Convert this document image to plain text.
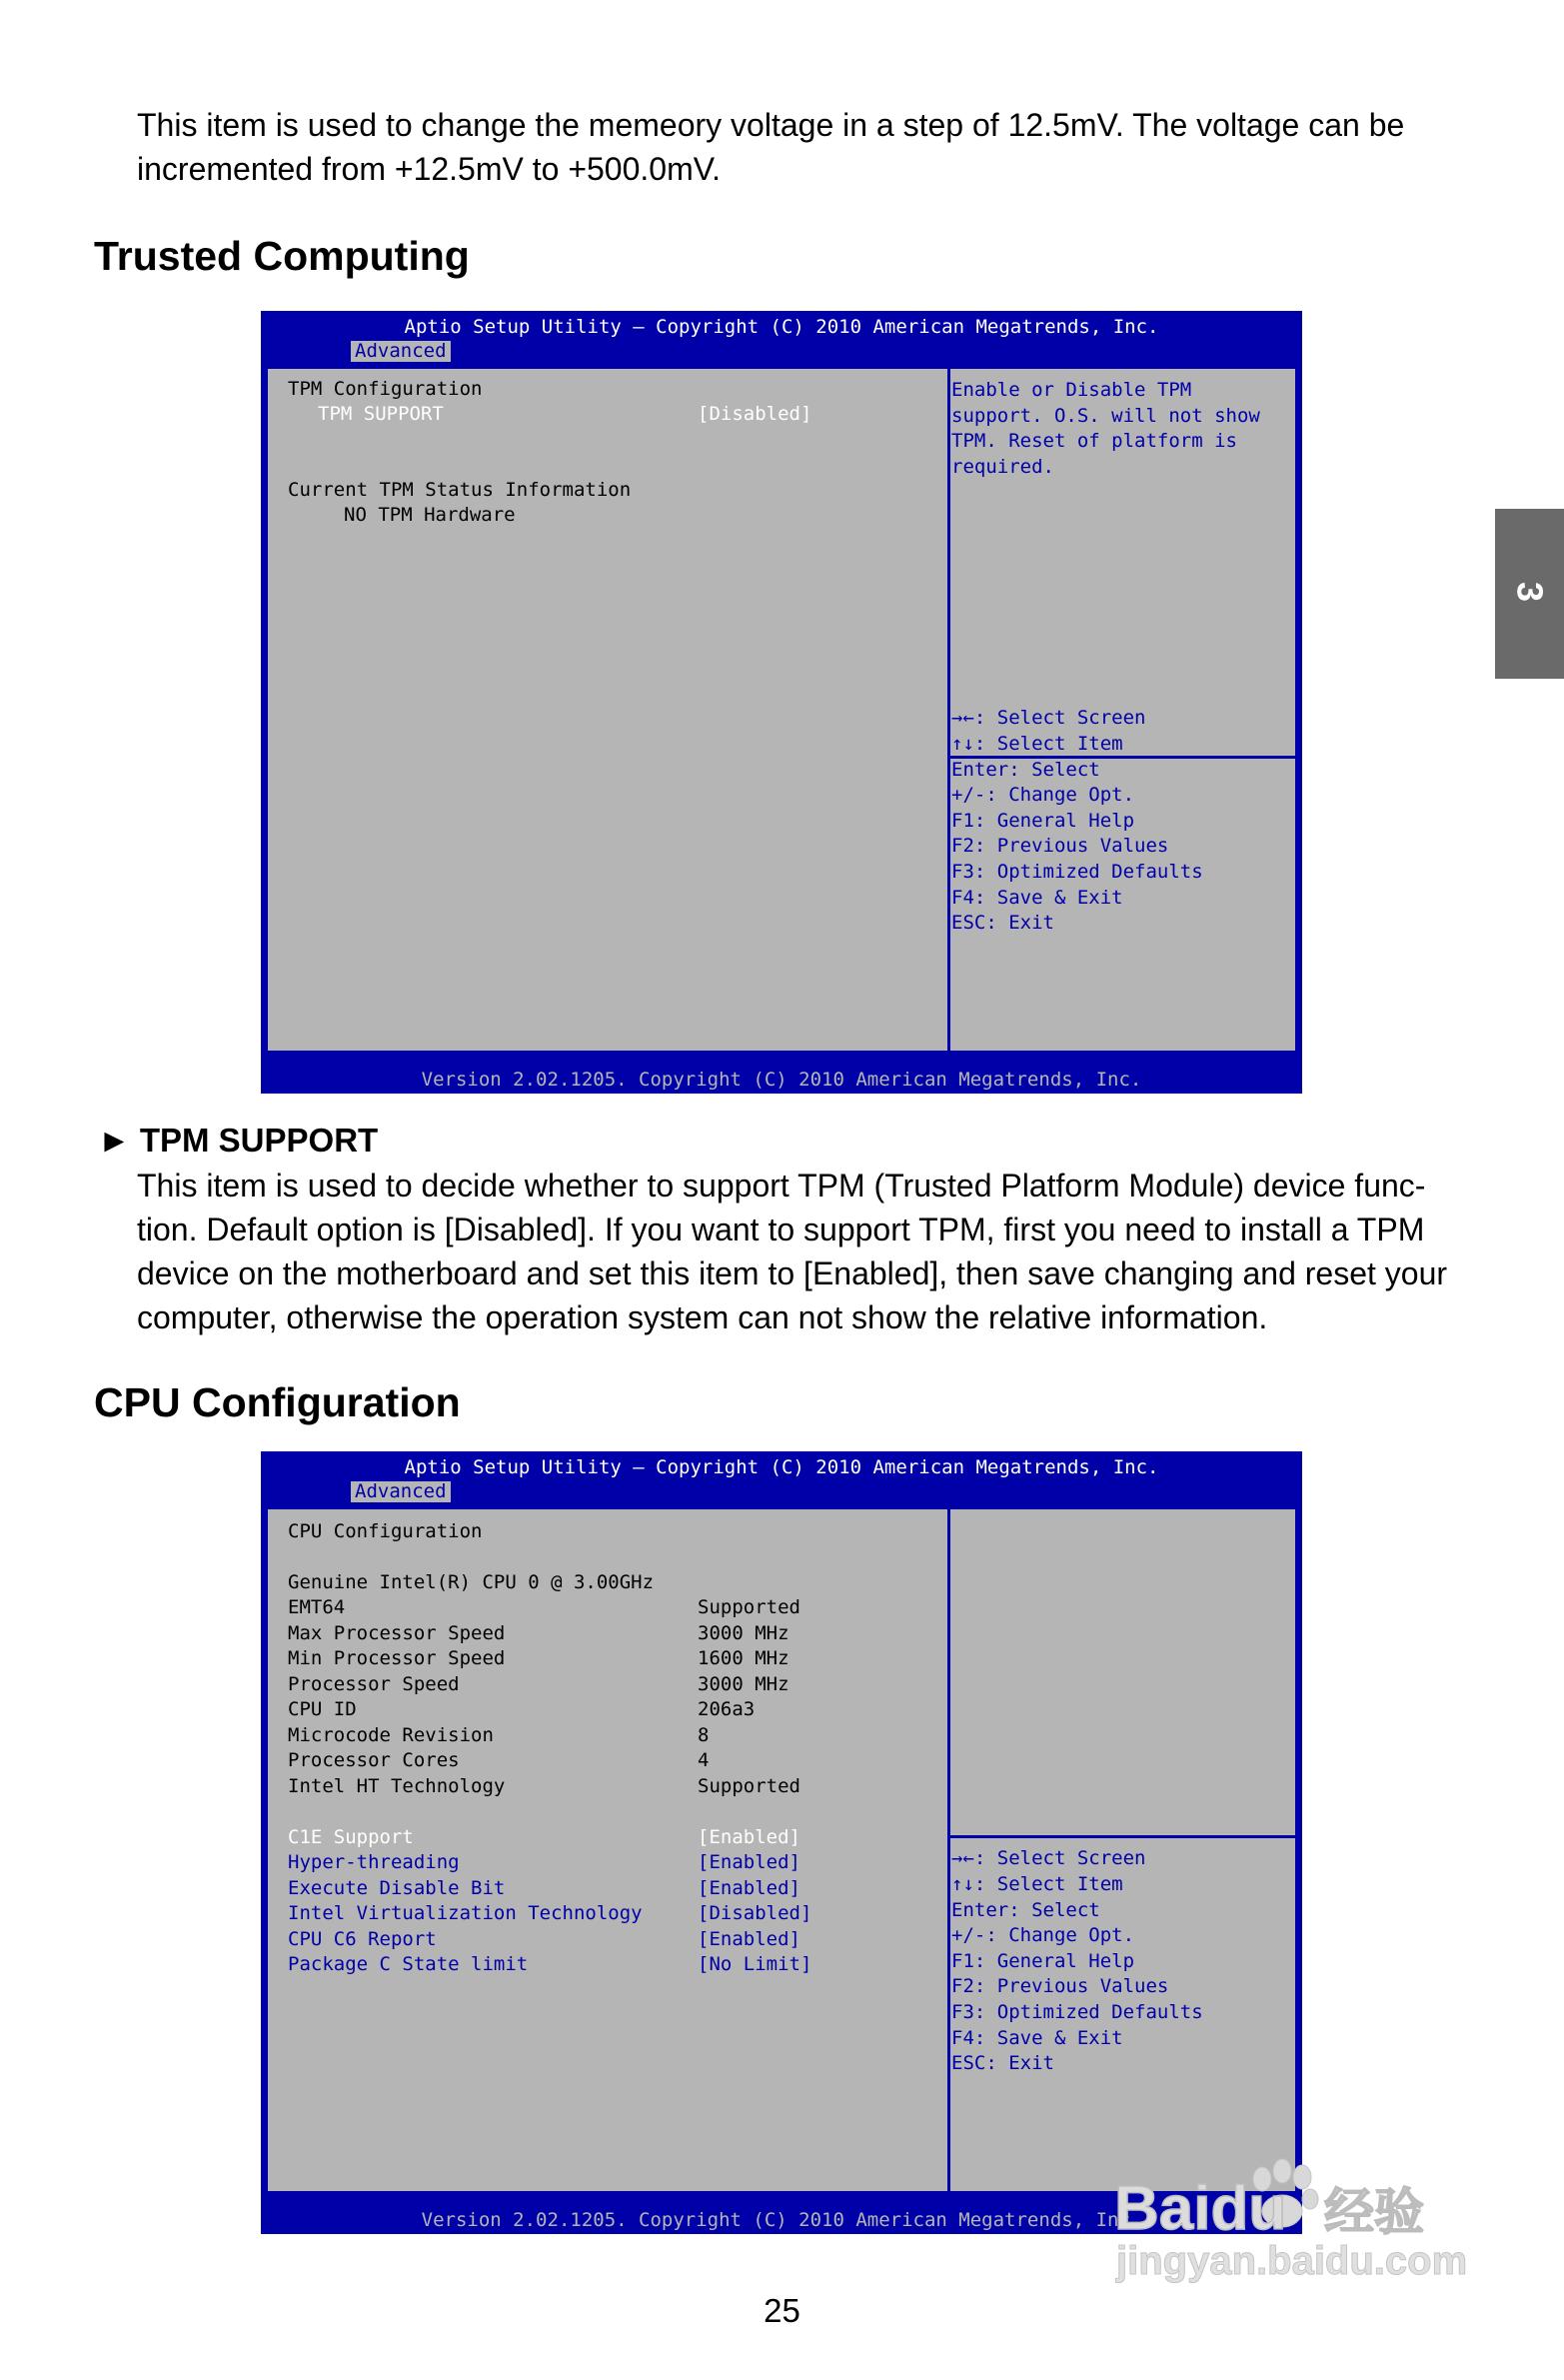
This item is used to change the memeory voltage in a step of 12.5mV. The voltage can be
incremented from +12.5mV to +500.0mV.
3
Trusted Computing
Aptio Setup Utility – Copyright (C) 2010 American Megatrends, Inc.
Advanced
TPM Configuration
TPM SUPPORT	[Disabled]
Current TPM Status Information
NO TPM Hardware
Enable or Disable TPM
support. O.S. will not show
TPM. Reset of platform is
required.
→←: Select Screen
↑↓: Select Item
Enter: Select
+/-: Change Opt.
F1: General Help
F2: Previous Values
F3: Optimized Defaults
F4: Save & Exit
ESC: Exit
Version 2.02.1205. Copyright (C) 2010 American Megatrends, Inc.
► TPM SUPPORT
This item is used to decide whether to support TPM (Trusted Platform Module) device func-
tion. Default option is [Disabled]. If you want to support TPM, first you need to install a TPM
device on the motherboard and set this item to [Enabled], then save changing and reset your
computer, otherwise the operation system can not show the relative information.
CPU Configuration
Aptio Setup Utility – Copyright (C) 2010 American Megatrends, Inc.
Advanced
CPU Configuration
Genuine Intel(R) CPU 0 @ 3.00GHz
EMT64	Supported
Max Processor Speed	3000 MHz
Min Processor Speed	1600 MHz
Processor Speed	3000 MHz
CPU ID	206a3
Microcode Revision	8
Processor Cores	4
Intel HT Technology	Supported
C1E Support	[Enabled]
Hyper-threading	[Enabled]
Execute Disable Bit	[Enabled]
Intel Virtualization Technology	[Disabled]
CPU C6 Report	[Enabled]
Package C State limit	[No Limit]
→←: Select Screen
↑↓: Select Item
Enter: Select
+/-: Change Opt.
F1: General Help
F2: Previous Values
F3: Optimized Defaults
F4: Save & Exit
ESC: Exit
Version 2.02.1205. Copyright (C) 2010 American Megatrends, Inc.
25
Baidu 经验
jingyan.baidu.com
